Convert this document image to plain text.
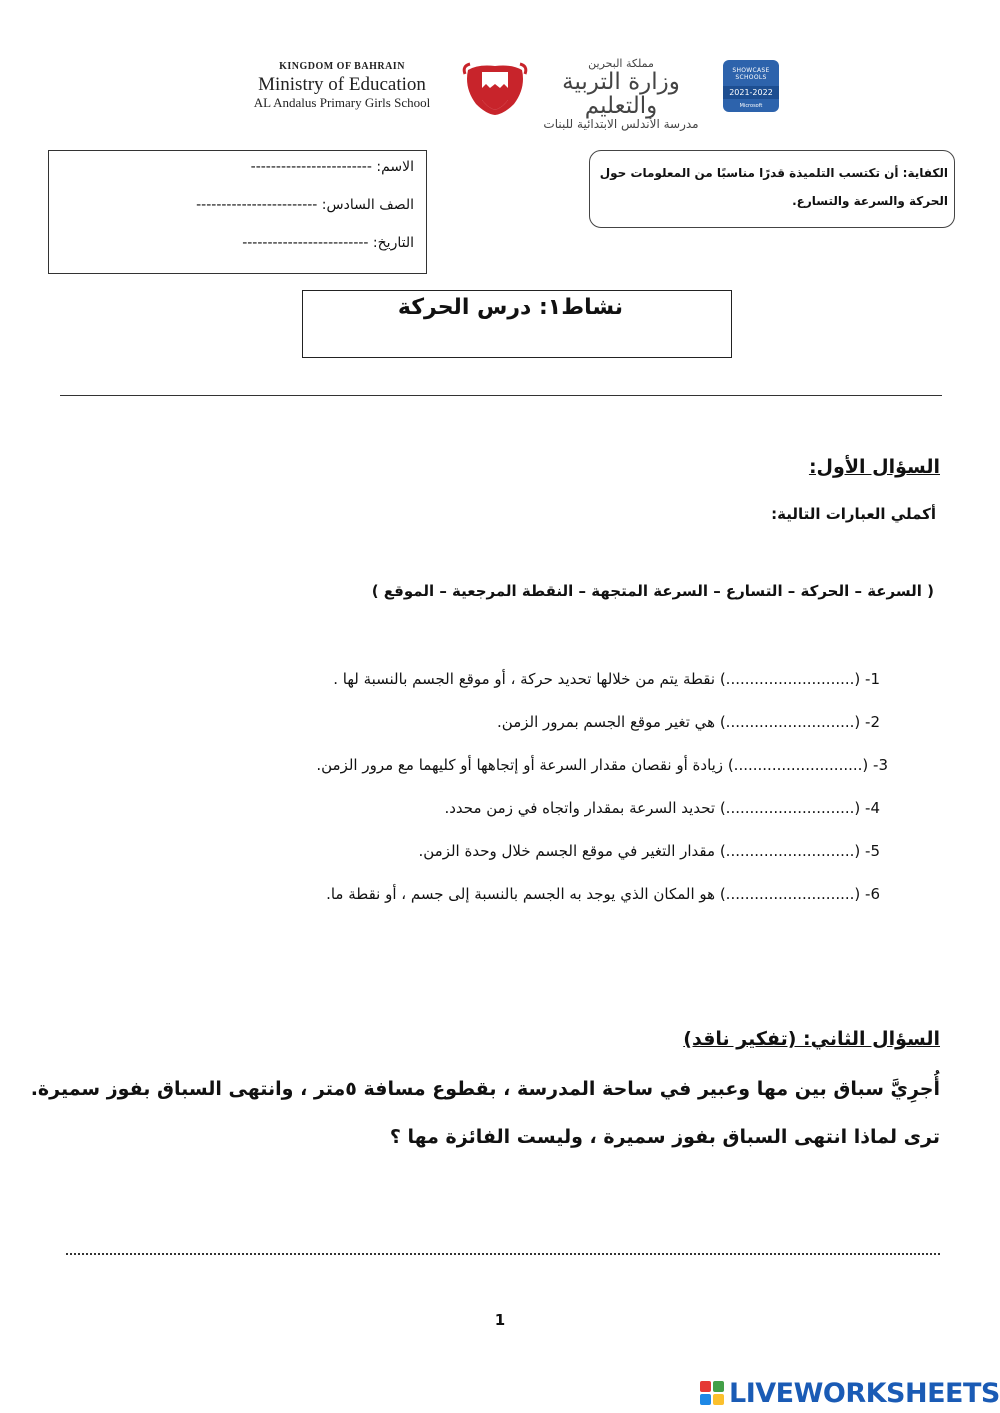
KINGDOM OF BAHRAIN
Ministry of Education
AL Andalus Primary Girls School
مملكة البحرين
وزارة التربية والتعليم
مدرسة الأندلس الابتدائية للبنات
SHOWCASE SCHOOLS
2021-2022
Microsoft
الاسم: ------------------------
الصف السادس: ------------------------
التاريخ: -------------------------
الكفاية: أن تكتسب التلميذة قدرًا مناسبًا من المعلومات حول الحركة والسرعة والتسارع.
نشاط١: درس الحركة
السؤال الأول:
أكملي العبارات التالية:
( السرعة – الحركة – التسارع – السرعة المتجهة – النقطة المرجعية – الموقع )
1- (...........................) نقطة يتم من خلالها تحديد حركة ، أو موقع الجسم بالنسبة لها .
2- (...........................) هي تغير موقع الجسم بمرور الزمن.
3- (...........................) زيادة أو نقصان مقدار السرعة أو إتجاهها أو كليهما مع مرور الزمن.
4- (...........................) تحديد السرعة بمقدار واتجاه في زمن محدد.
5- (...........................) مقدار التغير في موقع الجسم خلال وحدة الزمن.
6- (...........................) هو المكان الذي يوجد به الجسم بالنسبة إلى جسم ، أو نقطة ما.
السؤال الثاني: (تفكير ناقد)
أُجرِيَّ سباق بين مها وعبير في ساحة المدرسة ، بقطوع مسافة ٥متر ، وانتهى السباق بفوز سميرة.
ترى لماذا انتهى السباق بفوز سميرة ، وليست الفائزة مها ؟
1
LIVEWORKSHEETS
